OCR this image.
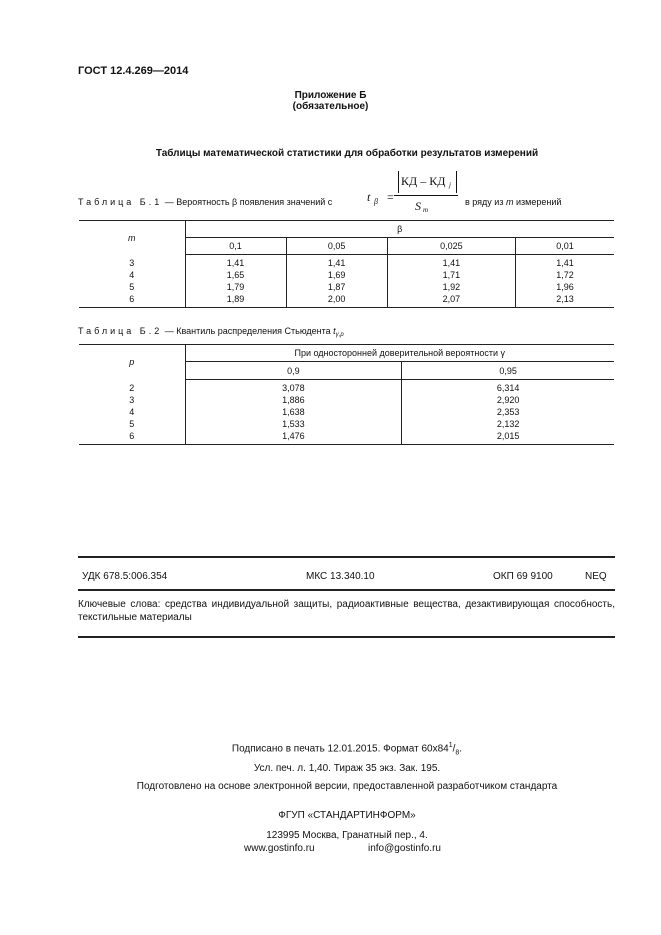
ГОСТ 12.4.269—2014
Приложение Б
(обязательное)
Таблицы математической статистики для обработки результатов измерений
Таблица Б.1 — Вероятность β появления значений с	в ряду из m измерений
t β =
КД – КД j
S m
m	β			
	0,1	0,05	0,025	0,01
3	1,41	1,41	1,41	1,41
4	1,65	1,69	1,71	1,72
5	1,79	1,87	1,92	1,96
6	1,89	2,00	2,07	2,13
Таблица Б.2 — Квантиль распределения Стьюдента $t_{\gamma,p}$
p	При односторонней доверительной вероятности γ	
	0,9	0,95
2	3,078	6,314
3	1,886	2,920
4	1,638	2,353
5	1,533	2,132
6	1,476	2,015
УДК 678.5:006.354	МКС 13.340.10	ОКП 69 9100	NEQ
Ключевые слова: средства индивидуальной защиты, радиоактивные вещества, дезактивирующая способность, текстильные материалы
Подписано в печать 12.01.2015. Формат $60x84^1/_8$.
Усл. печ. л. 1,40. Тираж 35 экз. Зак. 195.
Подготовлено на основе электронной версии, предоставленной разработчиком стандарта
ФГУП «СТАНДАРТИНФОРМ»
123995 Москва, Гранатный пер., 4.
www.gostinfo.ru	info@gostinfo.ru
